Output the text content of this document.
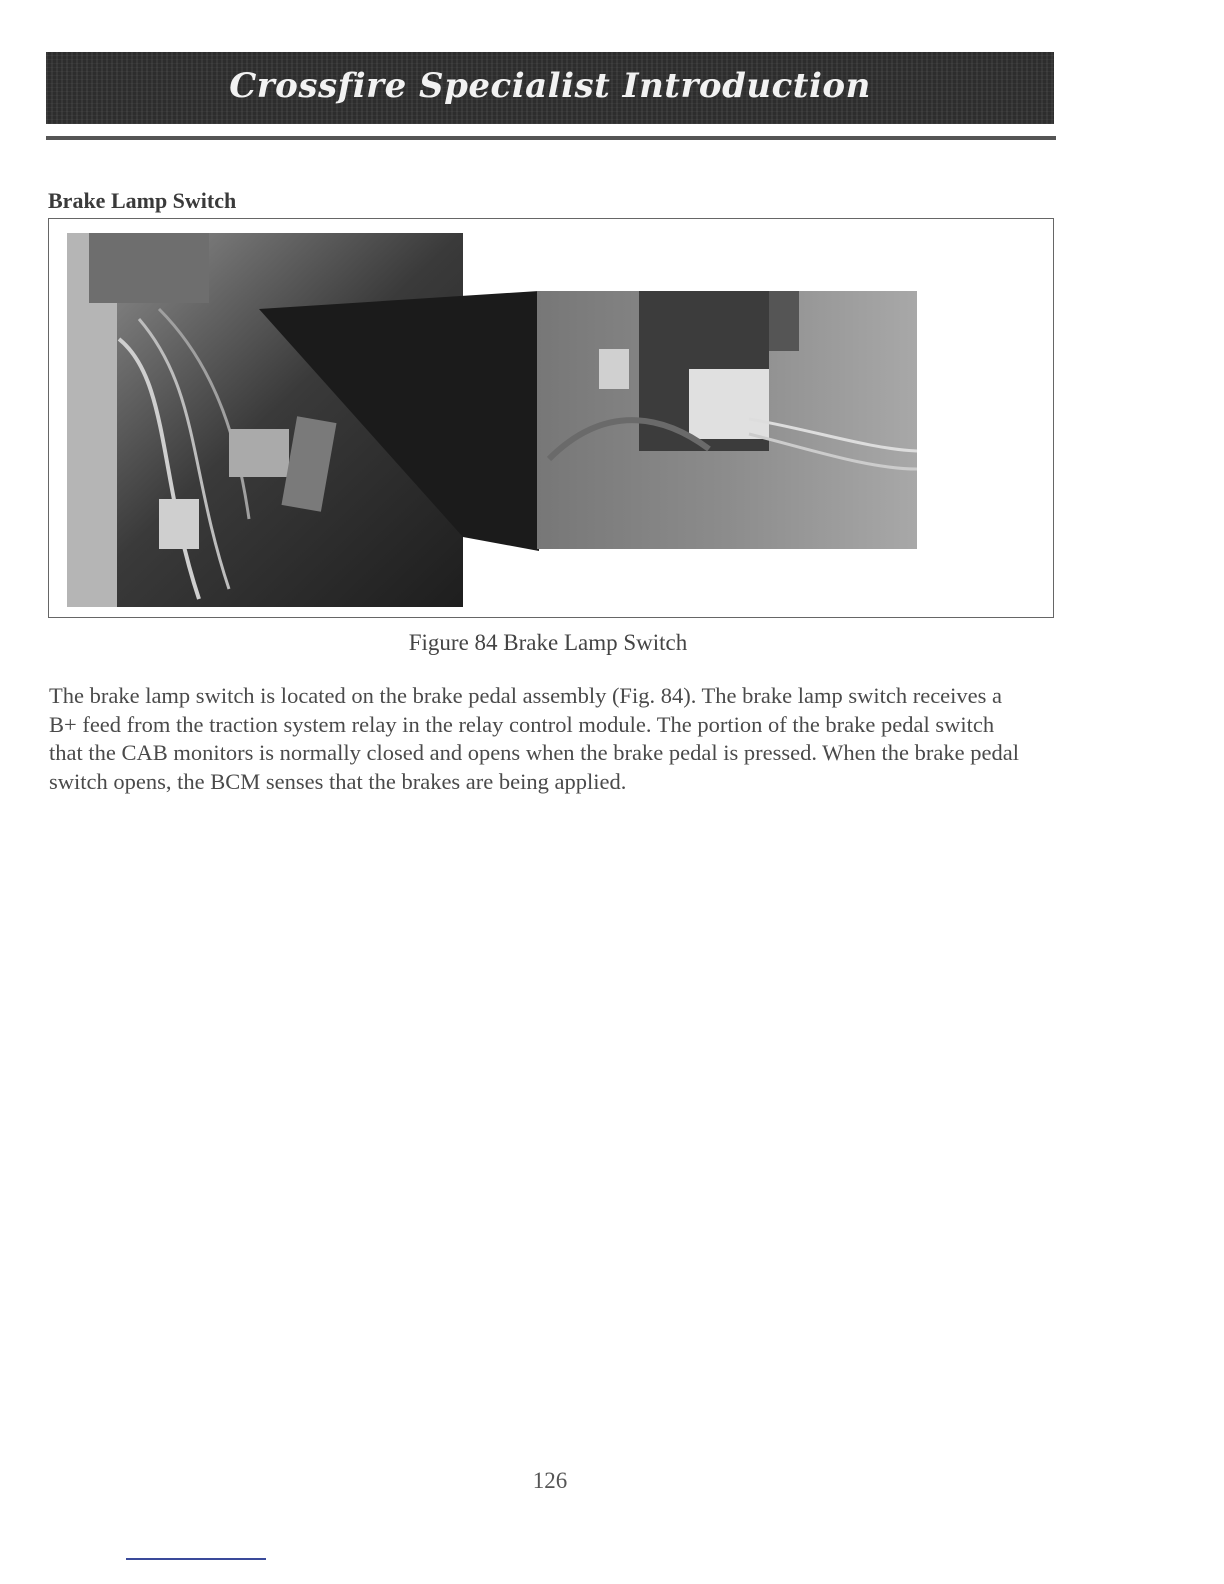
Crossfire Specialist Introduction
Brake Lamp Switch
Figure 84 Brake Lamp Switch
The brake lamp switch is located on the brake pedal assembly (Fig. 84). The brake lamp switch receives a B+ feed from the traction system relay in the relay control module. The portion of the brake pedal switch that the CAB monitors is normally closed and opens when the brake pedal is pressed. When the brake pedal switch opens, the BCM senses that the brakes are being applied.
126
